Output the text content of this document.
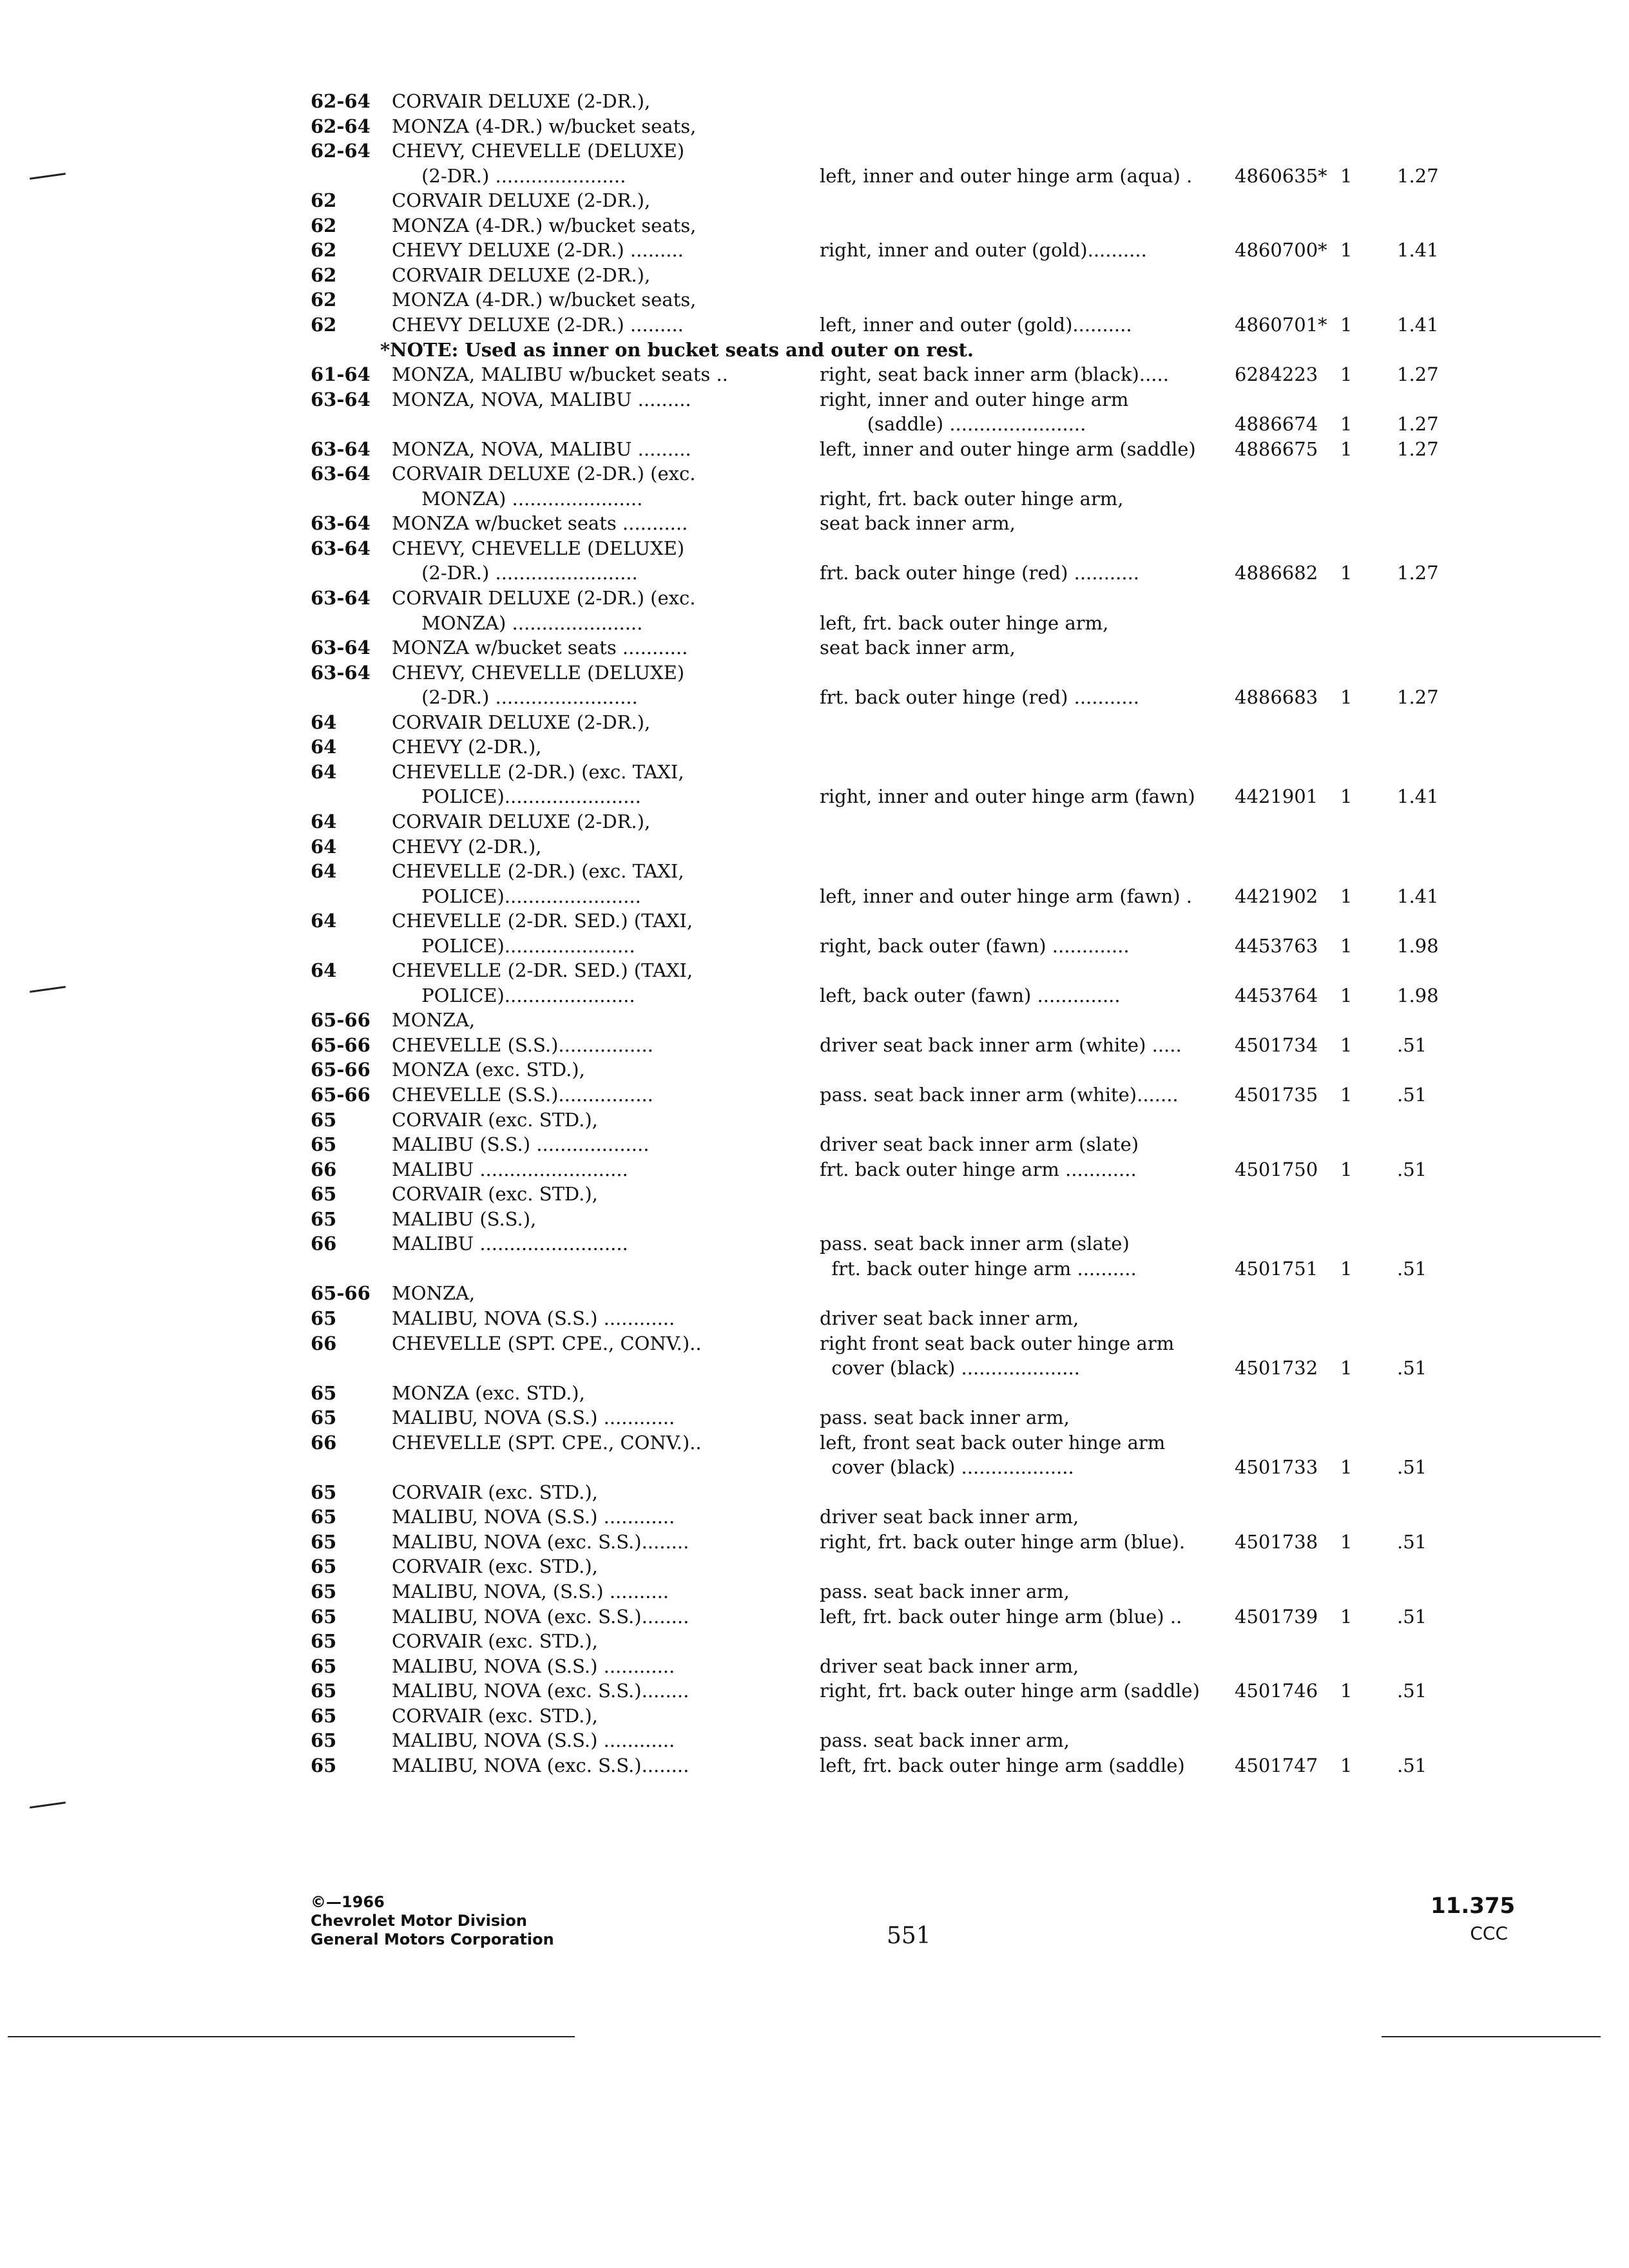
62-64 CORVAIR DELUXE (2-DR.),
62-64 MONZA (4-DR.) w/bucket seats,
62-64 CHEVY, CHEVELLE (DELUXE)
(2-DR.) ......................	left, inner and outer hinge arm (aqua) . 4860635* 1 1.27
62	CORVAIR DELUXE (2-DR.),
62	MONZA (4-DR.) w/bucket seats,
62	CHEVY DELUXE (2-DR.) .........	right, inner and outer (gold)..........	4860700* 1 1.41
62	CORVAIR DELUXE (2-DR.),
62	MONZA (4-DR.) w/bucket seats,
62	CHEVY DELUXE (2-DR.) .........	left, inner and outer (gold)..........	4860701* 1 1.41
*NOTE: Used as inner on bucket seats and outer on rest.
61-64 MONZA, MALIBU w/bucket seats ..	right, seat back inner arm (black).....	6284223 1 1.27
63-64 MONZA, NOVA, MALIBU .........	right, inner and outer hinge arm
(saddle) .......................	4886674 1 1.27
63-64 MONZA, NOVA, MALIBU .........	left, inner and outer hinge arm (saddle) 4886675 1 1.27
63-64 CORVAIR DELUXE (2-DR.) (exc.
MONZA) ......................	right, frt. back outer hinge arm,
63-64 MONZA w/bucket seats ...........	seat back inner arm,
63-64 CHEVY, CHEVELLE (DELUXE)
(2-DR.) ........................	frt. back outer hinge (red) ...........	4886682 1 1.27
63-64 CORVAIR DELUXE (2-DR.) (exc.
MONZA) ......................	left, frt. back outer hinge arm,
63-64 MONZA w/bucket seats ...........	seat back inner arm,
63-64 CHEVY, CHEVELLE (DELUXE)
(2-DR.) ........................	frt. back outer hinge (red) ...........	4886683 1 1.27
64	CORVAIR DELUXE (2-DR.),
64	CHEVY (2-DR.),
64	CHEVELLE (2-DR.) (exc. TAXI,
POLICE).......................	right, inner and outer hinge arm (fawn) 4421901 1 1.41
64	CORVAIR DELUXE (2-DR.),
64	CHEVY (2-DR.),
64	CHEVELLE (2-DR.) (exc. TAXI,
POLICE).......................	left, inner and outer hinge arm (fawn) . 4421902 1 1.41
64	CHEVELLE (2-DR. SED.) (TAXI,
POLICE)......................	right, back outer (fawn) .............	4453763 1 1.98
64	CHEVELLE (2-DR. SED.) (TAXI,
POLICE)......................	left, back outer (fawn) ..............	4453764 1 1.98
65-66 MONZA,
65-66 CHEVELLE (S.S.)................	driver seat back inner arm (white) .....	4501734 1 .51
65-66 MONZA (exc. STD.),
65-66 CHEVELLE (S.S.)................	pass. seat back inner arm (white).......	4501735 1 .51
65	CORVAIR (exc. STD.),
65	MALIBU (S.S.) ...................	driver seat back inner arm (slate)
66	MALIBU .........................	frt. back outer hinge arm ............	4501750 1 .51
65	CORVAIR (exc. STD.),
65	MALIBU (S.S.),
66	MALIBU .........................	pass. seat back inner arm (slate)
frt. back outer hinge arm ..........	4501751 1 .51
65-66 MONZA,
65	MALIBU, NOVA (S.S.) ............	driver seat back inner arm,
66	CHEVELLE (SPT. CPE., CONV.)..	right front seat back outer hinge arm
cover (black) ....................	4501732 1 .51
65	MONZA (exc. STD.),
65	MALIBU, NOVA (S.S.) ............	pass. seat back inner arm,
66	CHEVELLE (SPT. CPE., CONV.)..	left, front seat back outer hinge arm
cover (black) ...................	4501733 1 .51
65	CORVAIR (exc. STD.),
65	MALIBU, NOVA (S.S.) ............	driver seat back inner arm,
65	MALIBU, NOVA (exc. S.S.)........	right, frt. back outer hinge arm (blue).	4501738 1 .51
65	CORVAIR (exc. STD.),
65	MALIBU, NOVA, (S.S.) ..........	pass. seat back inner arm,
65	MALIBU, NOVA (exc. S.S.)........	left, frt. back outer hinge arm (blue) ..	4501739 1 .51
65	CORVAIR (exc. STD.),
65	MALIBU, NOVA (S.S.) ............	driver seat back inner arm,
65	MALIBU, NOVA (exc. S.S.)........	right, frt. back outer hinge arm (saddle) 4501746 1 .51
65	CORVAIR (exc. STD.),
65	MALIBU, NOVA (S.S.) ............	pass. seat back inner arm,
65	MALIBU, NOVA (exc. S.S.)........	left, frt. back outer hinge arm (saddle)	4501747 1 .51
©—1966
Chevrolet Motor Division
General Motors Corporation	551
11.375
CCC
